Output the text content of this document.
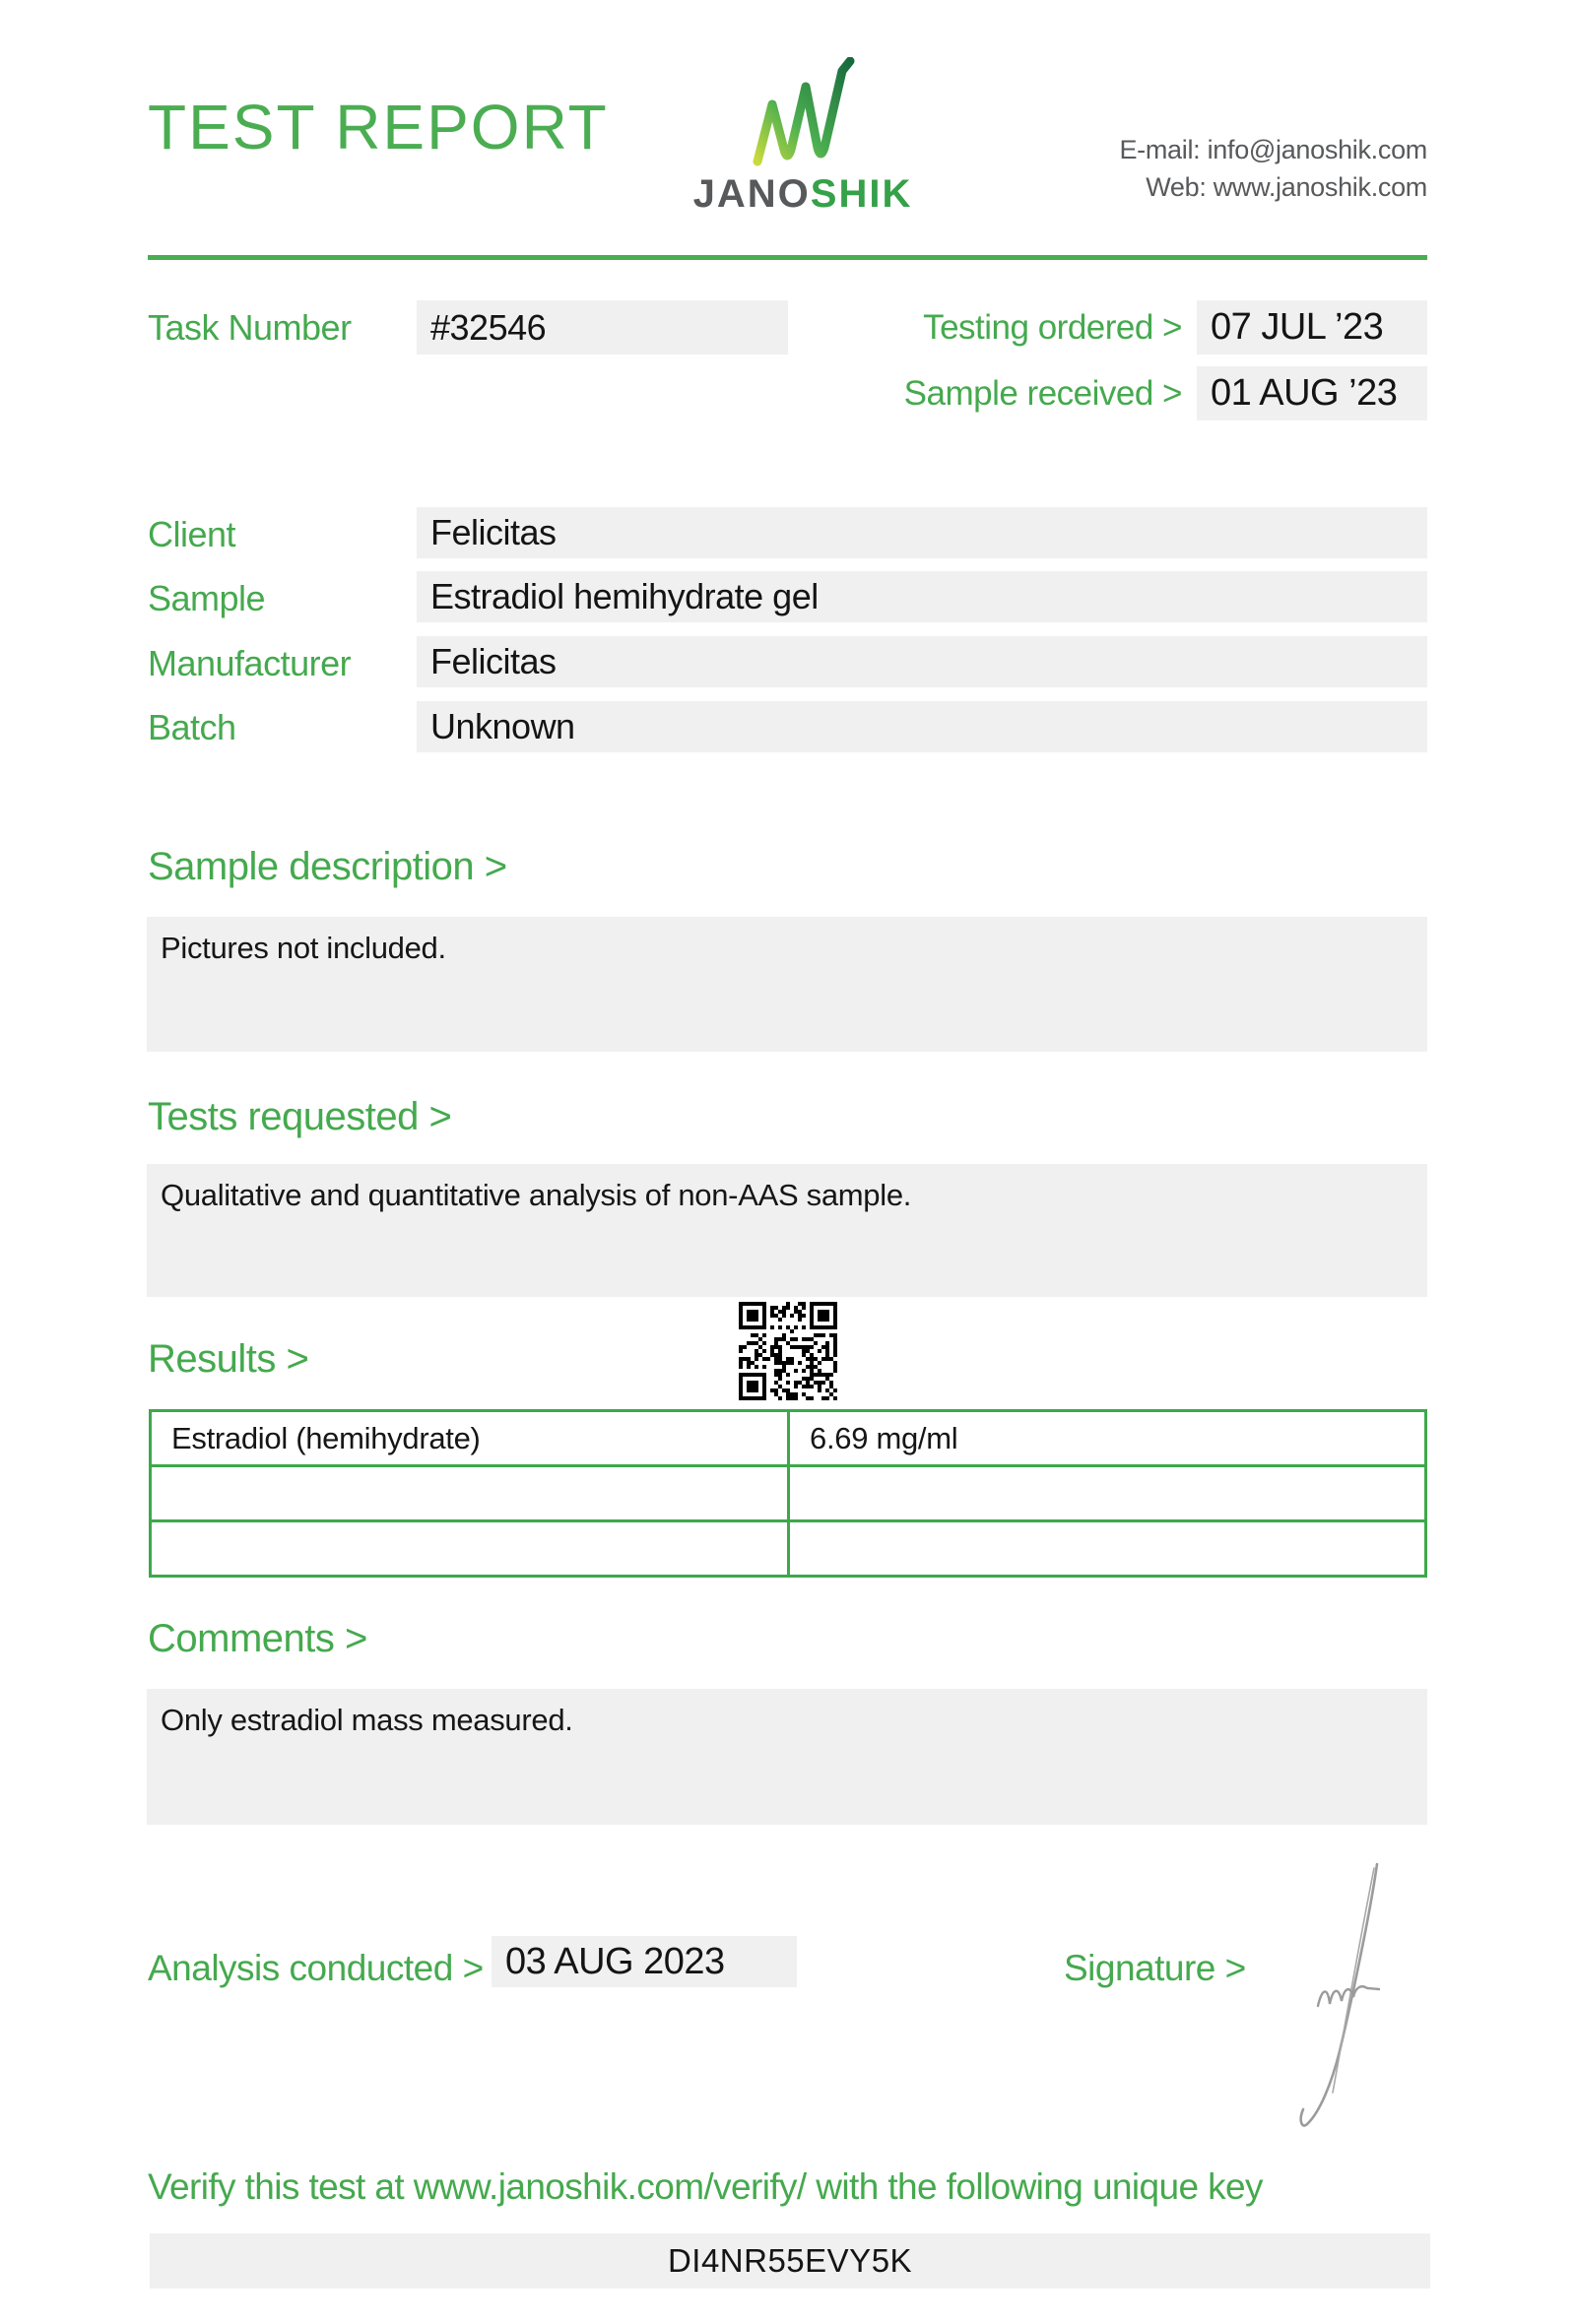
TEST REPORT
JANOSHIK
E-mail: info@janoshik.com
Web: www.janoshik.com
Task Number	#32546	Testing ordered > 07 JUL ’23
Sample received > 01 AUG ’23
Client	Felicitas
Sample	Estradiol hemihydrate gel
Manufacturer	Felicitas
Batch	Unknown
Sample description >
Pictures not included.
Tests requested >
Qualitative and quantitative analysis of non-AAS sample.
Results >
Estradiol (hemihydrate)	6.69 mg/ml
Comments >
Only estradiol mass measured.
Analysis conducted > 03 AUG 2023	Signature >
Verify this test at www.janoshik.com/verify/ with the following unique key
DI4NR55EVY5K
